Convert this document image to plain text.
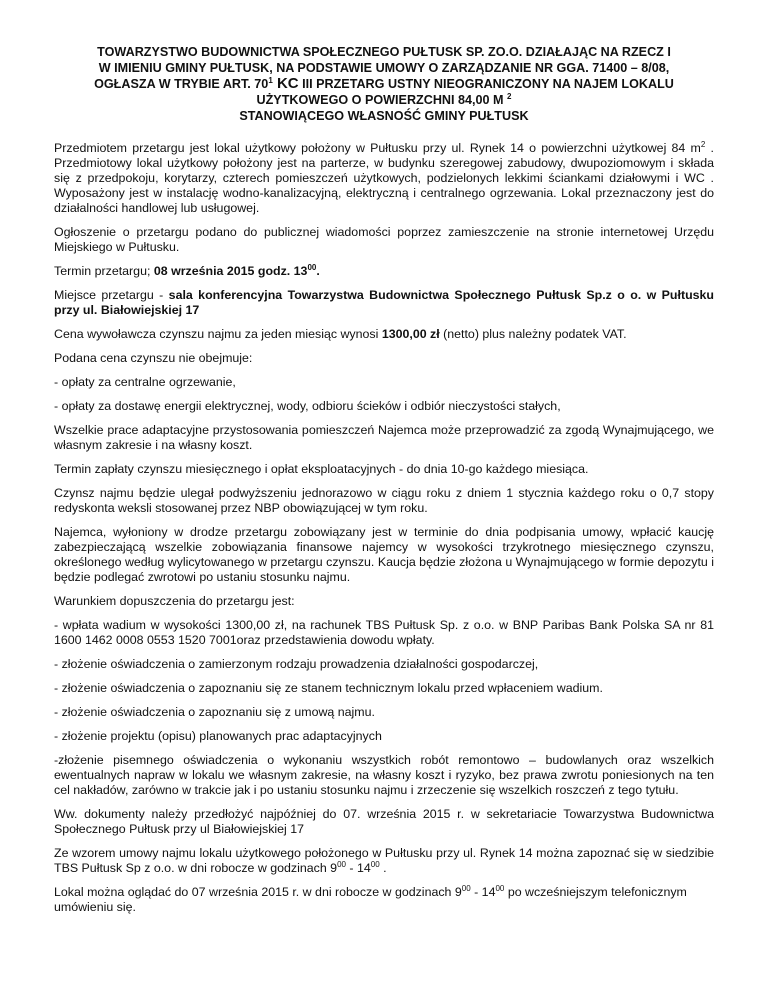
TOWARZYSTWO BUDOWNICTWA SPOŁECZNEGO PUŁTUSK SP. ZO.O. DZIAŁAJĄC NA RZECZ I
W IMIENIU GMINY PUŁTUSK, NA PODSTAWIE UMOWY O ZARZĄDZANIE NR GGA. 71400 – 8/08,
OGŁASZA W TRYBIE ART. $70^1$ KC III PRZETARG USTNY NIEOGRANICZONY NA NAJEM LOKALU
UŻYTKOWEGO O POWIERZCHNI 84,00 M $^2$
STANOWIĄCEGO WŁASNOŚĆ GMINY PUŁTUSK

Przedmiotem przetargu jest lokal użytkowy położony w Pułtusku przy ul. Rynek 14 o powierzchni użytkowej 84 $m^2$ . Przedmiotowy lokal użytkowy położony jest na parterze, w budynku szeregowej zabudowy, dwupoziomowym i składa się z przedpokoju, korytarzy, czterech pomieszczeń użytkowych, podzielonych lekkimi ściankami działowymi i WC . Wyposażony jest w instalację wodno-kanalizacyjną, elektryczną i centralnego ogrzewania. Lokal przeznaczony jest do działalności handlowej lub usługowej.

Ogłoszenie o przetargu podano do publicznej wiadomości poprzez zamieszczenie na stronie internetowej Urzędu Miejskiego w Pułtusku.

Termin przetargu; 08 września 2015 godz. $13^{00}$.

Miejsce przetargu - sala konferencyjna Towarzystwa Budownictwa Społecznego Pułtusk Sp.z o o. w Pułtusku przy ul. Białowiejskiej 17

Cena wywoławcza czynszu najmu za jeden miesiąc wynosi 1300,00 zł (netto) plus należny podatek VAT.

Podana cena czynszu nie obejmuje:

- opłaty za centralne ogrzewanie,

- opłaty za dostawę energii elektrycznej, wody, odbioru ścieków i odbiór nieczystości stałych,

Wszelkie prace adaptacyjne przystosowania pomieszczeń Najemca może przeprowadzić za zgodą Wynajmującego, we własnym zakresie i na własny koszt.

Termin zapłaty czynszu miesięcznego i opłat eksploatacyjnych - do dnia 10-go każdego miesiąca.

Czynsz najmu będzie ulegał podwyższeniu jednorazowo w ciągu roku z dniem 1 stycznia każdego roku o 0,7 stopy redyskonta weksli stosowanej przez NBP obowiązującej w tym roku.

Najemca, wyłoniony w drodze przetargu zobowiązany jest w terminie do dnia podpisania umowy, wpłacić kaucję zabezpieczającą wszelkie zobowiązania finansowe najemcy w wysokości trzykrotnego miesięcznego czynszu, określonego według wylicytowanego w przetargu czynszu. Kaucja będzie złożona u Wynajmującego w formie depozytu i będzie podlegać zwrotowi po ustaniu stosunku najmu.

Warunkiem dopuszczenia do przetargu jest:

- wpłata wadium w wysokości 1300,00 zł, na rachunek TBS Pułtusk Sp. z o.o. w BNP Paribas Bank Polska SA nr 81 1600 1462 0008 0553 1520 7001oraz przedstawienia dowodu wpłaty.

- złożenie oświadczenia o zamierzonym rodzaju prowadzenia działalności gospodarczej,

- złożenie oświadczenia o zapoznaniu się ze stanem technicznym lokalu przed wpłaceniem wadium.

- złożenie oświadczenia o zapoznaniu się z umową najmu.

- złożenie projektu (opisu) planowanych prac adaptacyjnych

-złożenie pisemnego oświadczenia o wykonaniu wszystkich robót remontowo – budowlanych oraz wszelkich ewentualnych napraw w lokalu we własnym zakresie, na własny koszt i ryzyko, bez prawa zwrotu poniesionych na ten cel nakładów, zarówno w trakcie jak i po ustaniu stosunku najmu i zrzeczenie się wszelkich roszczeń z tego tytułu.

Ww. dokumenty należy przedłożyć najpóźniej do 07. września 2015 r. w sekretariacie Towarzystwa Budownictwa Społecznego Pułtusk przy ul Białowiejskiej 17

Ze wzorem umowy najmu lokalu użytkowego położonego w Pułtusku przy ul. Rynek 14 można zapoznać się w siedzibie TBS Pułtusk Sp z o.o. w dni robocze w godzinach $9^{00} - 14^{00}$ .

Lokal można oglądać do 07 września 2015 r. w dni robocze w godzinach $9^{00} - 14^{00}$ po wcześniejszym telefonicznym umówieniu się.
